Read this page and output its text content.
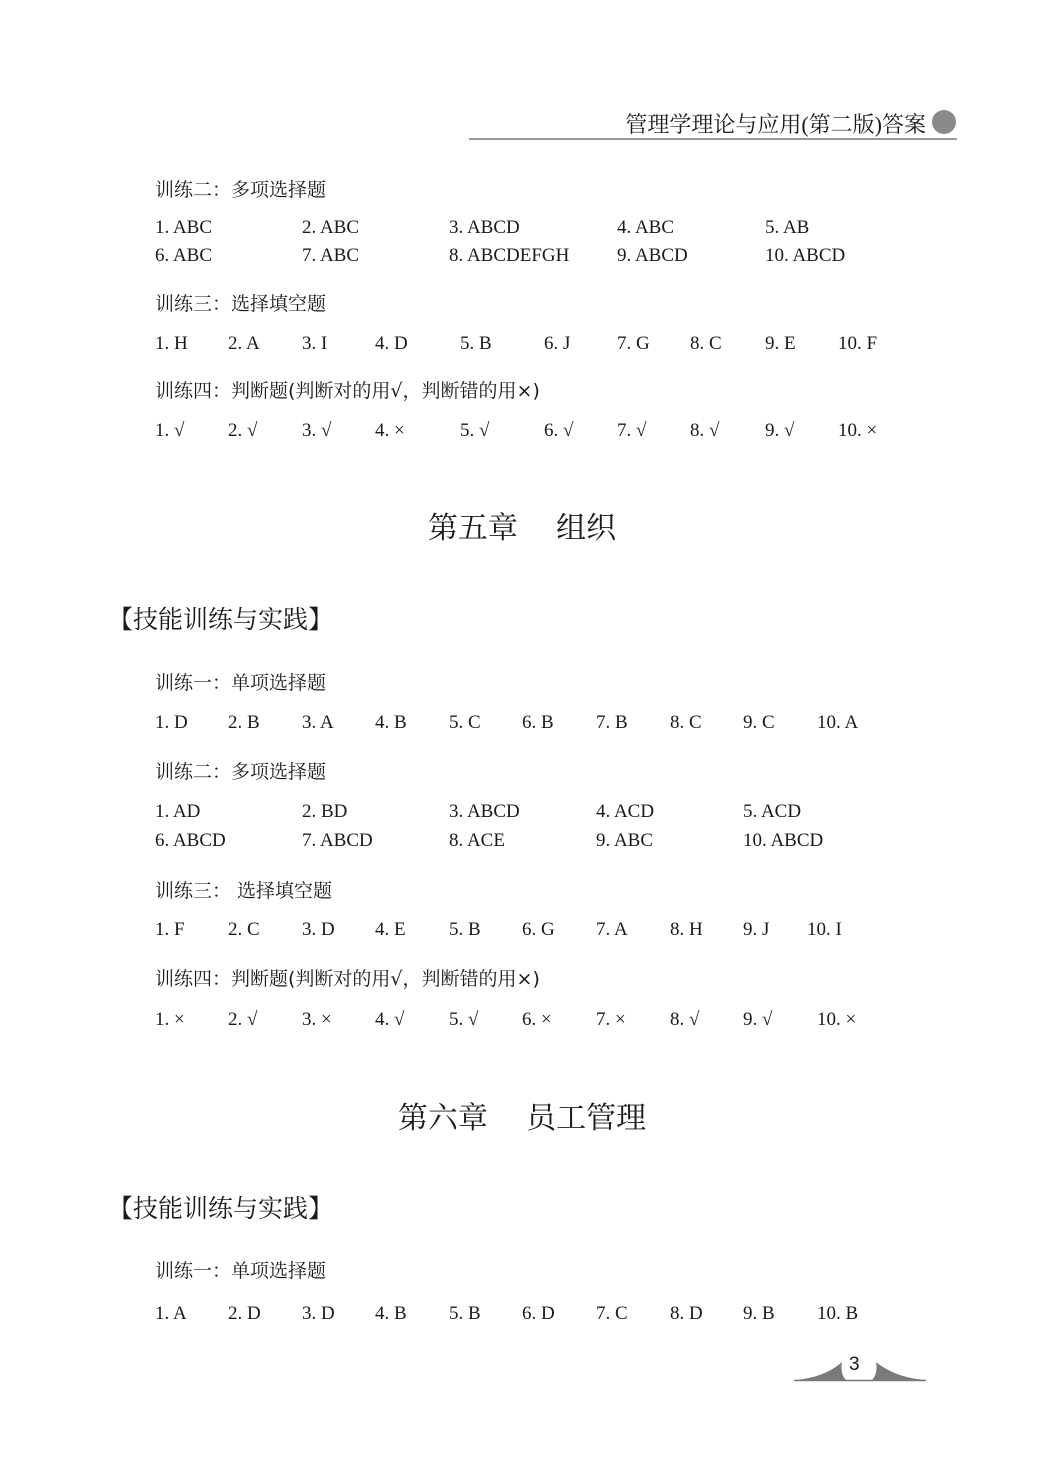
管理学理论与应用(第二版)答案
训练二：多项选择题
1. ABC	2. ABC	3. ABCD	4. ABC	5. AB
6. ABC	7. ABC	8. ABCDEFGH	9. ABCD	10. ABCD
训练三：选择填空题
1. H 2. A 3. I	4. D	5. B	6. J 7. G 8. C 9. E 10. F
训练四：判断题(判断对的用√，判断错的用×)
1. √ 2. √ 3. √ 4. ×	5. √	6. √ 7. √ 8. √ 9. √ 10. ×
第五章    组织
【技能训练与实践】
训练一：单项选择题
1. D 2. B 3. A 4. B 5. C 6. B 7. B 8. C 9. C 10. A
训练二：多项选择题
1. AD	2. BD	3. ABCD	4. ACD	5. ACD
6. ABCD	7. ABCD	8. ACE	9. ABC	10. ABCD
训练三： 选择填空题
1. F 2. C 3. D 4. E 5. B 6. G 7. A 8. H 9. J 10. I
训练四：判断题(判断对的用√，判断错的用×)
1. × 2. √ 3. × 4. √ 5. √ 6. × 7. × 8. √ 9. √ 10. ×
第六章    员工管理
【技能训练与实践】
训练一：单项选择题
1. A 2. D 3. D 4. B 5. B 6. D 7. C 8. D 9. B 10. B
3
